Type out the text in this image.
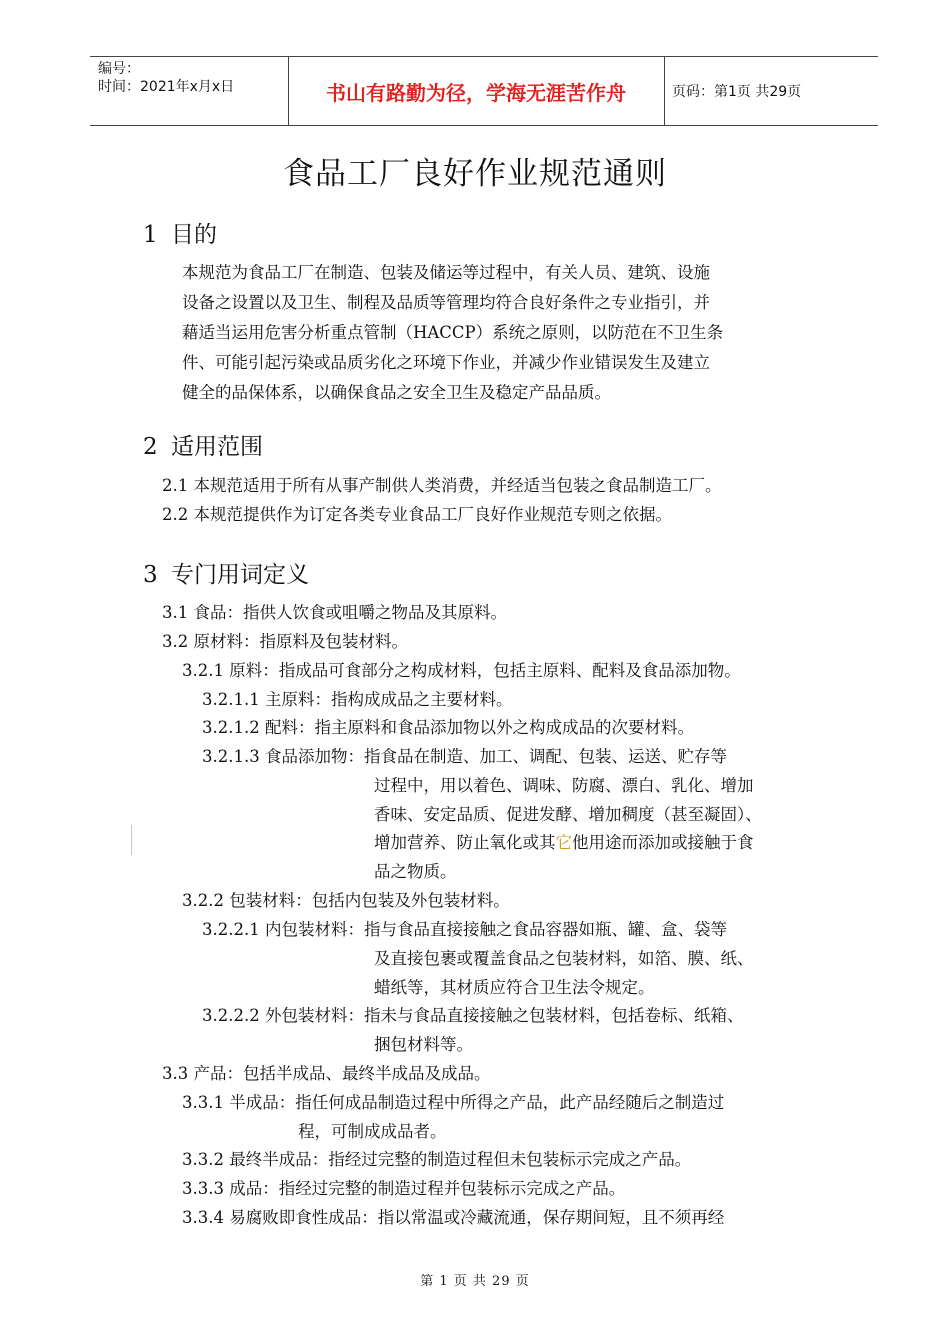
编号：
时间：2021年x月x日	书山有路勤为径，学海无涯苦作舟	页码：第1页 共29页
食品工厂良好作业规范通则
1 目的
本规范为食品工厂在制造、包装及储运等过程中，有关人员、建筑、设施
设备之设置以及卫生、制程及品质等管理均符合良好条件之专业指引，并
藉适当运用危害分析重点管制（HACCP）系统之原则，以防范在不卫生条
件、可能引起污染或品质劣化之环境下作业，并减少作业错误发生及建立
健全的品保体系，以确保食品之安全卫生及稳定产品品质。
2 适用范围
2.1 本规范适用于所有从事产制供人类消费，并经适当包装之食品制造工厂。
2.2 本规范提供作为订定各类专业食品工厂良好作业规范专则之依据。
3 专门用词定义
3.1 食品：指供人饮食或咀嚼之物品及其原料。
3.2 原材料：指原料及包装材料。
3.2.1 原料：指成品可食部分之构成材料，包括主原料、配料及食品添加物。
3.2.1.1 主原料：指构成成品之主要材料。
3.2.1.2 配料：指主原料和食品添加物以外之构成成品的次要材料。
3.2.1.3 食品添加物：指食品在制造、加工、调配、包装、运送、贮存等
过程中，用以着色、调味、防腐、漂白、乳化、增加
香味、安定品质、促进发酵、增加稠度（甚至凝固）、
增加营养、防止氧化或其它他用途而添加或接触于食
品之物质。
3.2.2 包装材料：包括内包装及外包装材料。
3.2.2.1 内包装材料：指与食品直接接触之食品容器如瓶、罐、盒、袋等
及直接包裹或覆盖食品之包装材料，如箔、膜、纸、
蜡纸等，其材质应符合卫生法令规定。
3.2.2.2 外包装材料：指未与食品直接接触之包装材料，包括卷标、纸箱、
捆包材料等。
3.3 产品：包括半成品、最终半成品及成品。
3.3.1 半成品：指任何成品制造过程中所得之产品，此产品经随后之制造过
程，可制成成品者。
3.3.2 最终半成品：指经过完整的制造过程但未包装标示完成之产品。
3.3.3 成品：指经过完整的制造过程并包装标示完成之产品。
3.3.4 易腐败即食性成品：指以常温或冷藏流通，保存期间短，且不须再经
第 1 页 共 29 页
